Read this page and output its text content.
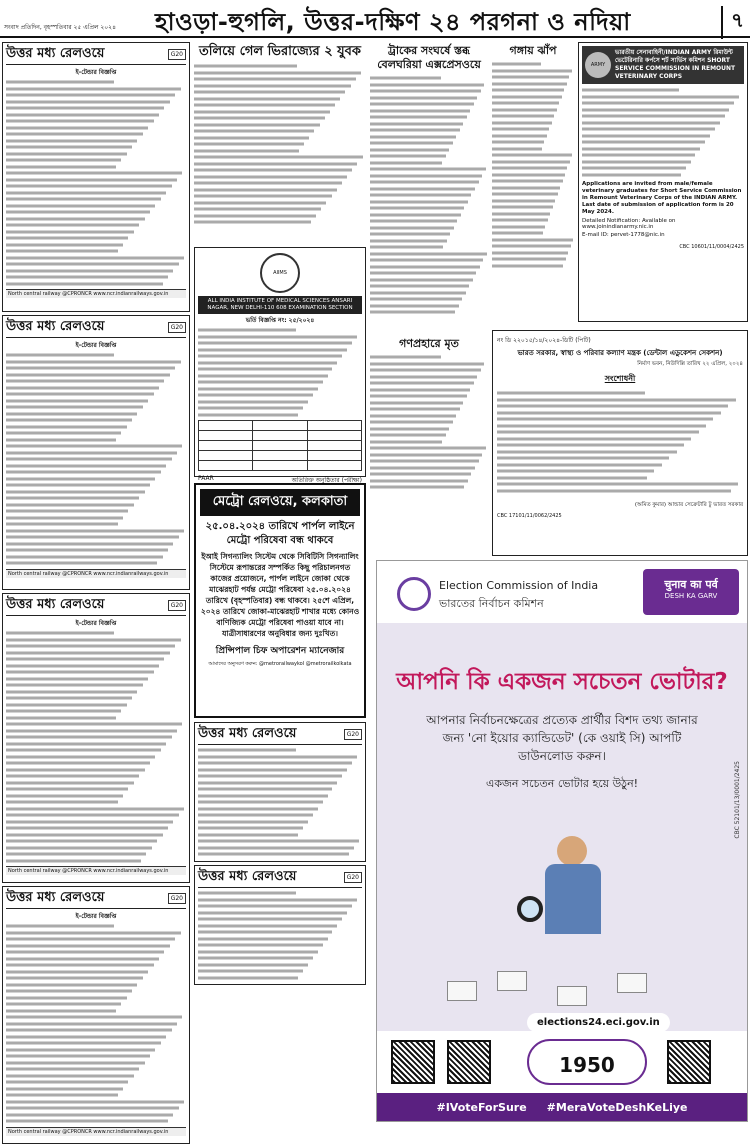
সংবাদ প্রতিদিন, বৃহস্পতিবার ২৫ এপ্রিল ২০২৪ হাওড়া-হুগলি, উত্তর-দক্ষিণ ২৪ পরগনা ও নদিয়া	৭
উত্তর মধ্য রেলওয়ে	G20
ই-টেন্ডার বিজ্ঞপ্তি
North central railway @CPRONCR www.ncr.indianrailways.gov.in
উত্তর মধ্য রেলওয়ে	G20
ই-টেন্ডার বিজ্ঞপ্তি
North central railway @CPRONCR www.ncr.indianrailways.gov.in
উত্তর মধ্য রেলওয়ে	G20
ই-টেন্ডার বিজ্ঞপ্তি
North central railway @CPRONCR www.ncr.indianrailways.gov.in
উত্তর মধ্য রেলওয়ে	G20
ই-টেন্ডার বিজ্ঞপ্তি
North central railway @CPRONCR www.ncr.indianrailways.gov.in
তলিয়ে গেল ভিরাজ্যের ২ যুবক
AIIMS
ALL INDIA INSTITUTE OF MEDICAL SCIENCES ANSARI NAGAR, NEW DELHI-110 608 EXAMINATION SECTION
ভর্তি বিজ্ঞপ্তি নং: ২৫/২০২৪

PAAR	অতিরিক্ত অনুষ্ঠিতার (পরীক্ষা)
মেট্রো রেলওয়ে, কলকাতা
২৫.০৪.২০২৪ তারিখে পার্পল লাইনে মেট্রো পরিষেবা বন্ধ থাকবে
ইআই সিগন্যালিং সিস্টেম থেকে সিবিটিসি সিগন্যালিং সিস্টেমে রূপান্তরের সম্পর্কিত কিছু পরিচালনগত কাজের প্রয়োজনে, পার্পল লাইনে জোকা থেকে মাঝেরহাট পর্যন্ত মেট্রো পরিষেবা ২৫.০৪.২০২৪ তারিখে (বৃহস্পতিবার) বন্ধ থাকবে। ২৫শে এপ্রিল, ২০২৪ তারিখে জোকা-মাঝেরহাট শাখার মধ্যে কোনও বাণিজ্যিক মেট্রো পরিষেবা পাওয়া যাবে না। যাত্রীসাধারণের অনুবিধার জন্য দুঃখিত।
প্রিন্সিপাল চিফ অপারেশন ম্যানেজার
আমাদের অনুসরণ করুন: @metrorailwaykol @metrorailkolkata
উত্তর মধ্য রেলওয়ে	G20
উত্তর মধ্য রেলওয়ে	G20
ট্রাকের সংঘর্ষে স্তব্ধ বেলঘরিয়া এক্সপ্রেসওয়ে
গণপ্রহারে মৃত
গঙ্গায় ঝাঁপ
ARMY
ভারতীয় সেনাবাহিনী/INDIAN ARMY রিমাউন্ট ভেটেরিনারি কর্পসে শর্ট সার্ভিস কমিশন SHORT SERVICE COMMISSION IN REMOUNT VETERINARY CORPS
Applications are invited from male/female veterinary graduates for Short Service Commission in Remount Veterinary Corps of the INDIAN ARMY. Last date of submission of application form is 20 May 2024.
Detailed Notification: Available on www.joinindianarmy.nic.in
E-mail ID: pervet-1778@nic.in
CBC 10601/11/0004/2425
নং ডি ২২০১৫/১৪/২০২৪-ডিটি (পিটি)
ভারত সরকার, স্বাস্থ্য ও পরিবার কল্যাণ মন্ত্রক (ডেন্টাল এডুকেশন সেকশন)
নির্মাণ ভবন, নিউদিল্লি তারিখ ২২ এপ্রিল, ২০২৪
সংশোধনী
(অমিত কুমার) আন্ডার সেক্রেটারি টু ভারত সরকার
CBC 17101/11/0062/2425
Election Commission of India
ভারতের নির্বাচন কমিশন
चुनाव का पर्व
DESH KA GARV
আপনি কি একজন সচেতন ভোটার?
আপনার নির্বাচনক্ষেত্রের প্রত্যেক প্রার্থীর বিশদ তথ্য জানার জন্য 'নো ইয়োর ক্যান্ডিডেট' (কে ওয়াই সি) আপটি ডাউনলোড করুন।
একজন সচেতন ভোটার হয়ে উঠুন!
elections24.eci.gov.in
1950
#IVoteForSure #MeraVoteDeshKeLiye
CBC 52101/13/0001/2425
